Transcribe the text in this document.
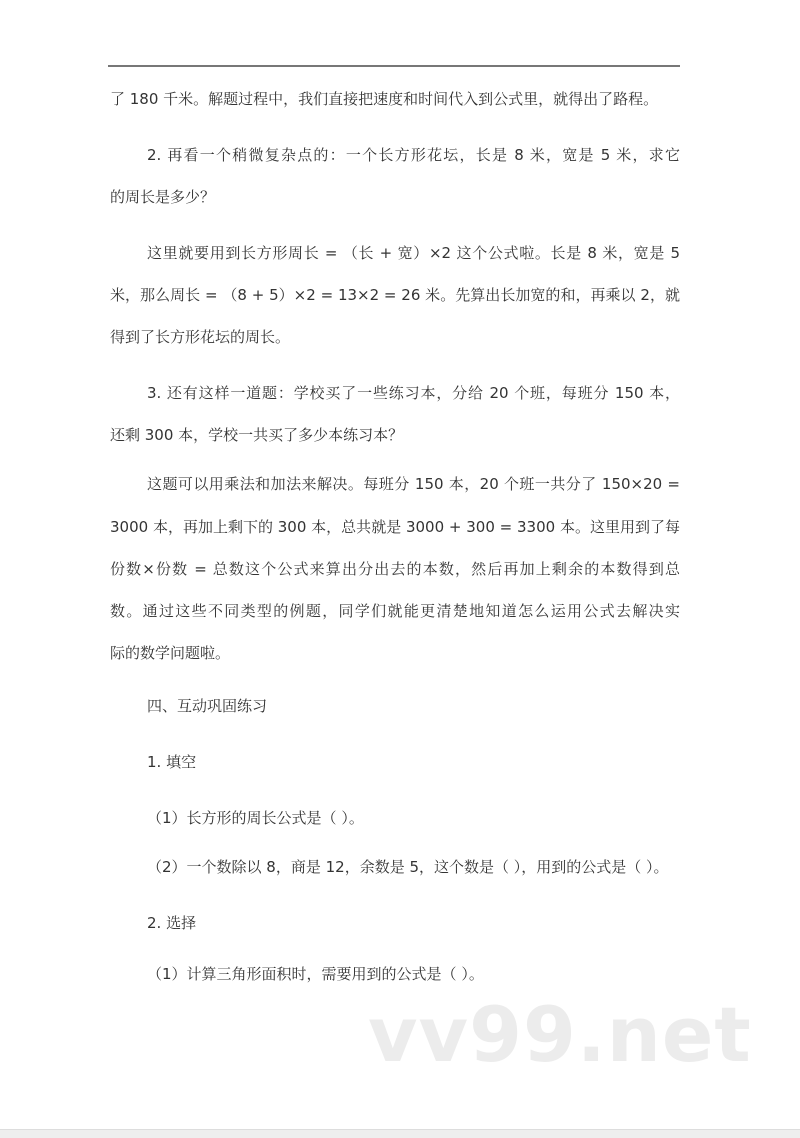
了 180 千米。解题过程中，我们直接把速度和时间代入到公式里，就得出了路程。
2. 再看一个稍微复杂点的：一个长方形花坛，长是 8 米，宽是 5 米，求它
的周长是多少？
这里就要用到长方形周长 = （长 + 宽）×2 这个公式啦。长是 8 米，宽是 5
米，那么周长 = （8 + 5）×2 = 13×2 = 26 米。先算出长加宽的和，再乘以 2，就
得到了长方形花坛的周长。
3. 还有这样一道题：学校买了一些练习本，分给 20 个班，每班分 150 本，
还剩 300 本，学校一共买了多少本练习本？
这题可以用乘法和加法来解决。每班分 150 本，20 个班一共分了 150×20 =
3000 本，再加上剩下的 300 本，总共就是 3000 + 300 = 3300 本。这里用到了每
份数×份数 = 总数这个公式来算出分出去的本数，然后再加上剩余的本数得到总
数。通过这些不同类型的例题，同学们就能更清楚地知道怎么运用公式去解决实
际的数学问题啦。
四、互动巩固练习
1. 填空
（1）长方形的周长公式是（ ）。
（2）一个数除以 8，商是 12，余数是 5，这个数是（ ），用到的公式是（ ）。
2. 选择
（1）计算三角形面积时，需要用到的公式是（ ）。
vv99.net
